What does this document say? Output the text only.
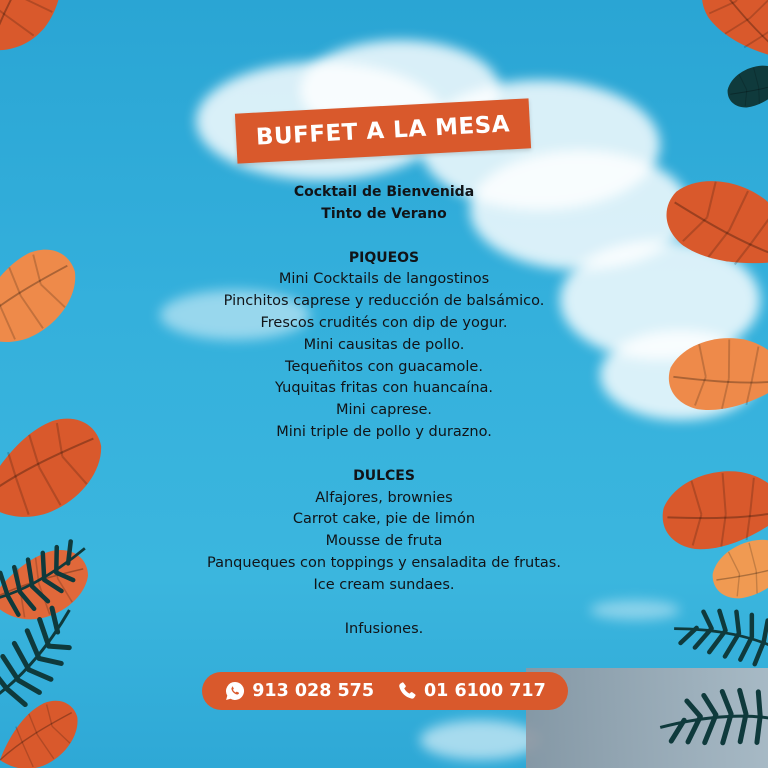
BUFFET A LA MESA
Cocktail de Bienvenida
Tinto de Verano
PIQUEOS
Mini Cocktails de langostinos
Pinchitos caprese y reducción de balsámico.
Frescos crudités con dip de yogur.
Mini causitas de pollo.
Tequeñitos con guacamole.
Yuquitas fritas con huancaína.
Mini caprese.
Mini triple de pollo y durazno.
DULCES
Alfajores, brownies
Carrot cake, pie de limón
Mousse de fruta
Panqueques con toppings y ensaladita de frutas.
Ice cream sundaes.
Infusiones.
913 028 575	01 6100 717
